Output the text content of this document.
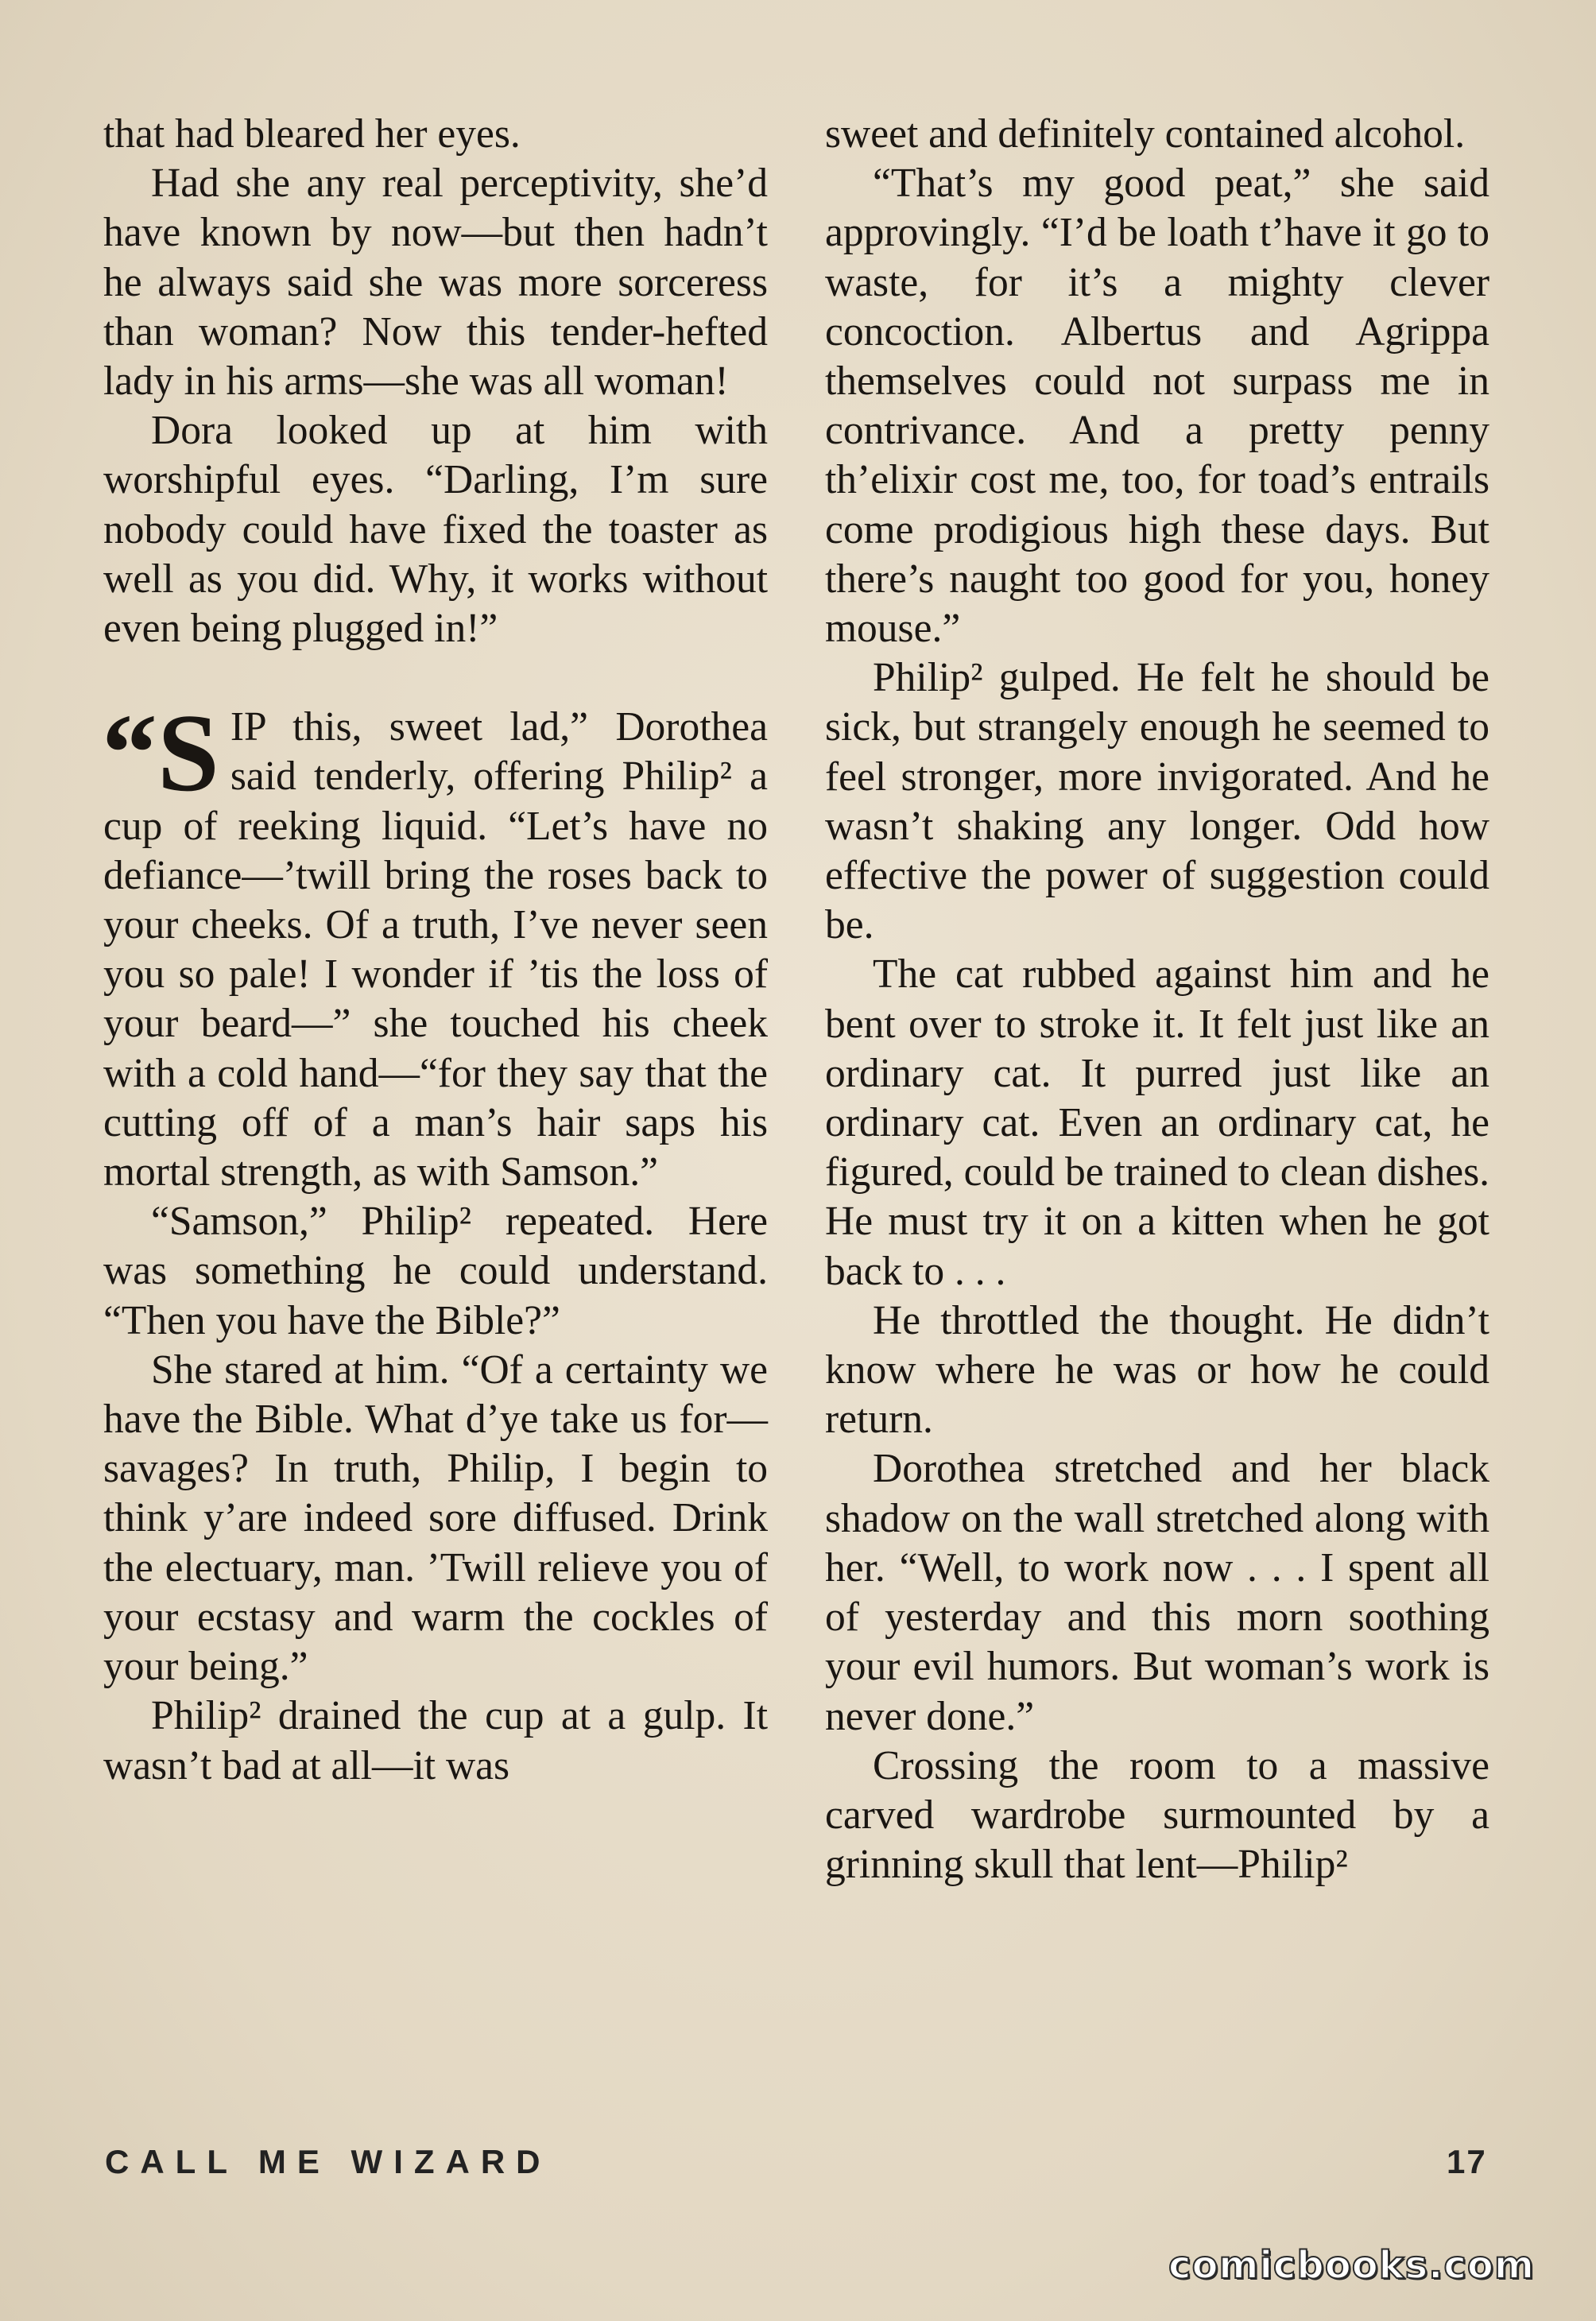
that had bleared her eyes.

Had she any real perceptivity, she’d have known by now—but then hadn’t he always said she was more sorceress than woman? Now this tender-hefted lady in his arms—she was all woman!

Dora looked up at him with worshipful eyes. “Darling, I’m sure nobody could have fixed the toaster as well as you did. Why, it works without even being plugged in!”

“S IP this, sweet lad,” Dorothea said tenderly, offering Philip² a cup of reeking liquid. “Let’s have no defiance—’twill bring the roses back to your cheeks. Of a truth, I’ve never seen you so pale! I wonder if ’tis the loss of your beard—” she touched his cheek with a cold hand—“for they say that the cutting off of a man’s hair saps his mortal strength, as with Samson.”

“Samson,” Philip² repeated. Here was something he could understand. “Then you have the Bible?”

She stared at him. “Of a certainty we have the Bible. What d’ye take us for—savages? In truth, Philip, I begin to think y’are indeed sore diffused. Drink the electuary, man. ’Twill relieve you of your ecstasy and warm the cockles of your being.”

Philip² drained the cup at a gulp. It wasn’t bad at all—it was

sweet and definitely contained alcohol.

“That’s my good peat,” she said approvingly. “I’d be loath t’have it go to waste, for it’s a mighty clever concoction. Albertus and Agrippa themselves could not surpass me in contrivance. And a pretty penny th’elixir cost me, too, for toad’s entrails come prodigious high these days. But there’s naught too good for you, honey mouse.”

Philip² gulped. He felt he should be sick, but strangely enough he seemed to feel stronger, more invigorated. And he wasn’t shaking any longer. Odd how effective the power of suggestion could be.

The cat rubbed against him and he bent over to stroke it. It felt just like an ordinary cat. It purred just like an ordinary cat. Even an ordinary cat, he figured, could be trained to clean dishes. He must try it on a kitten when he got back to . . .

He throttled the thought. He didn’t know where he was or how he could return.

Dorothea stretched and her black shadow on the wall stretched along with her. “Well, to work now . . . I spent all of yesterday and this morn soothing your evil humors. But woman’s work is never done.”

Crossing the room to a massive carved wardrobe surmounted by a grinning skull that lent—Philip²

CALL ME WIZARD	17
comicbooks.com
